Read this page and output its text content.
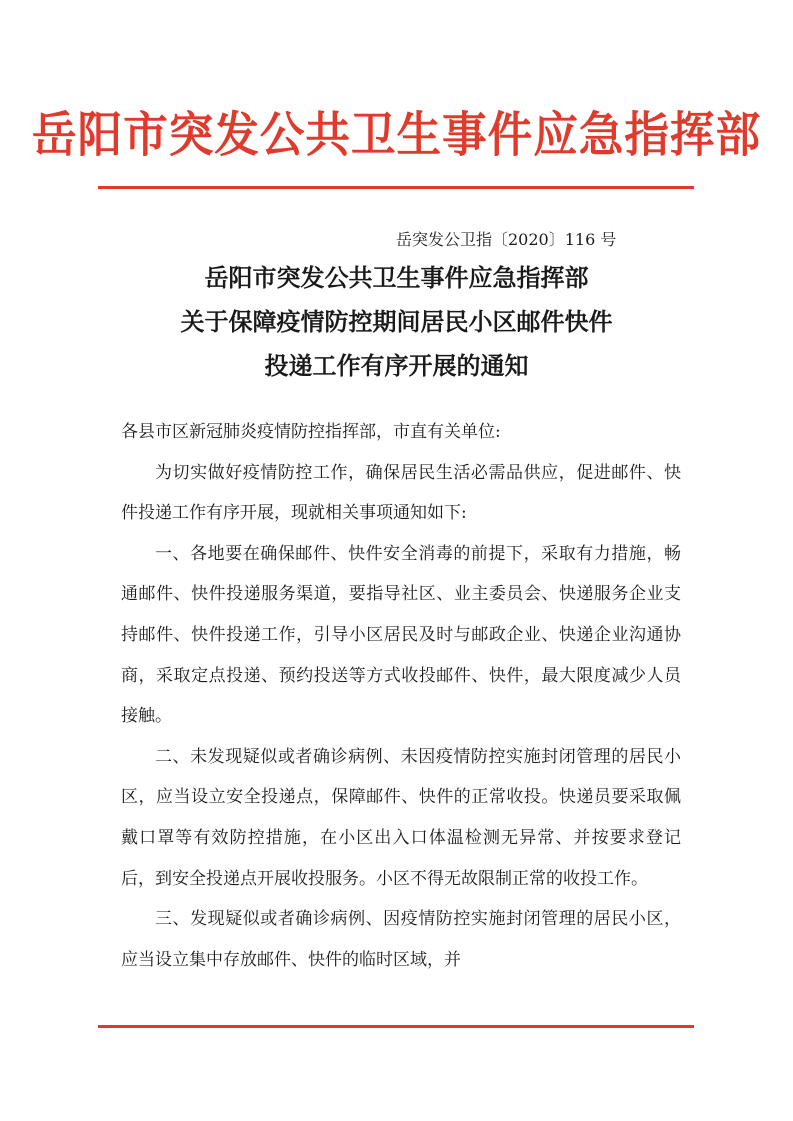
岳阳市突发公共卫生事件应急指挥部
岳突发公卫指〔2020〕116 号
岳阳市突发公共卫生事件应急指挥部
关于保障疫情防控期间居民小区邮件快件
投递工作有序开展的通知

各县市区新冠肺炎疫情防控指挥部，市直有关单位:

为切实做好疫情防控工作，确保居民生活必需品供应，促进邮件、快件投递工作有序开展，现就相关事项通知如下:

一、各地要在确保邮件、快件安全消毒的前提下，采取有力措施，畅通邮件、快件投递服务渠道，要指导社区、业主委员会、快递服务企业支持邮件、快件投递工作，引导小区居民及时与邮政企业、快递企业沟通协商，采取定点投递、预约投送等方式收投邮件、快件，最大限度减少人员接触。

二、未发现疑似或者确诊病例、未因疫情防控实施封闭管理的居民小区，应当设立安全投递点，保障邮件、快件的正常收投。快递员要采取佩戴口罩等有效防控措施，在小区出入口体温检测无异常、并按要求登记后，到安全投递点开展收投服务。小区不得无故限制正常的收投工作。

三、发现疑似或者确诊病例、因疫情防控实施封闭管理的居民小区，应当设立集中存放邮件、快件的临时区域，并
